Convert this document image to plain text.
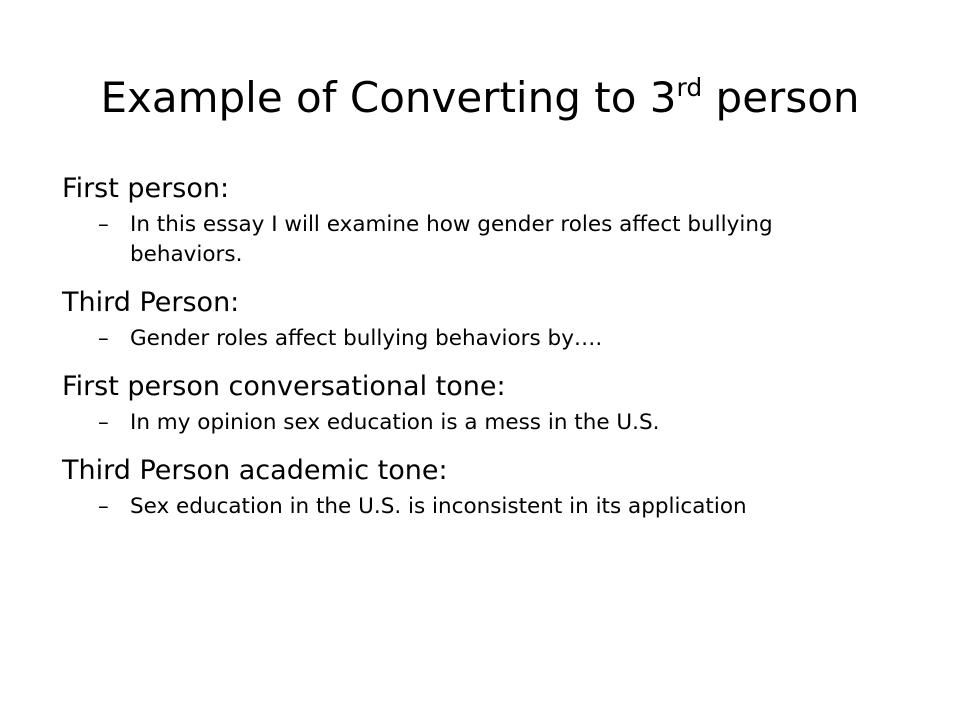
Example of Converting to 3rd person

First person:

– In this essay I will examine how gender roles affect bullying behaviors.

Third Person:

– Gender roles affect bullying behaviors by….

First person conversational tone:

– In my opinion sex education is a mess in the U.S.

Third Person academic tone:

– Sex education in the U.S. is inconsistent in its application
